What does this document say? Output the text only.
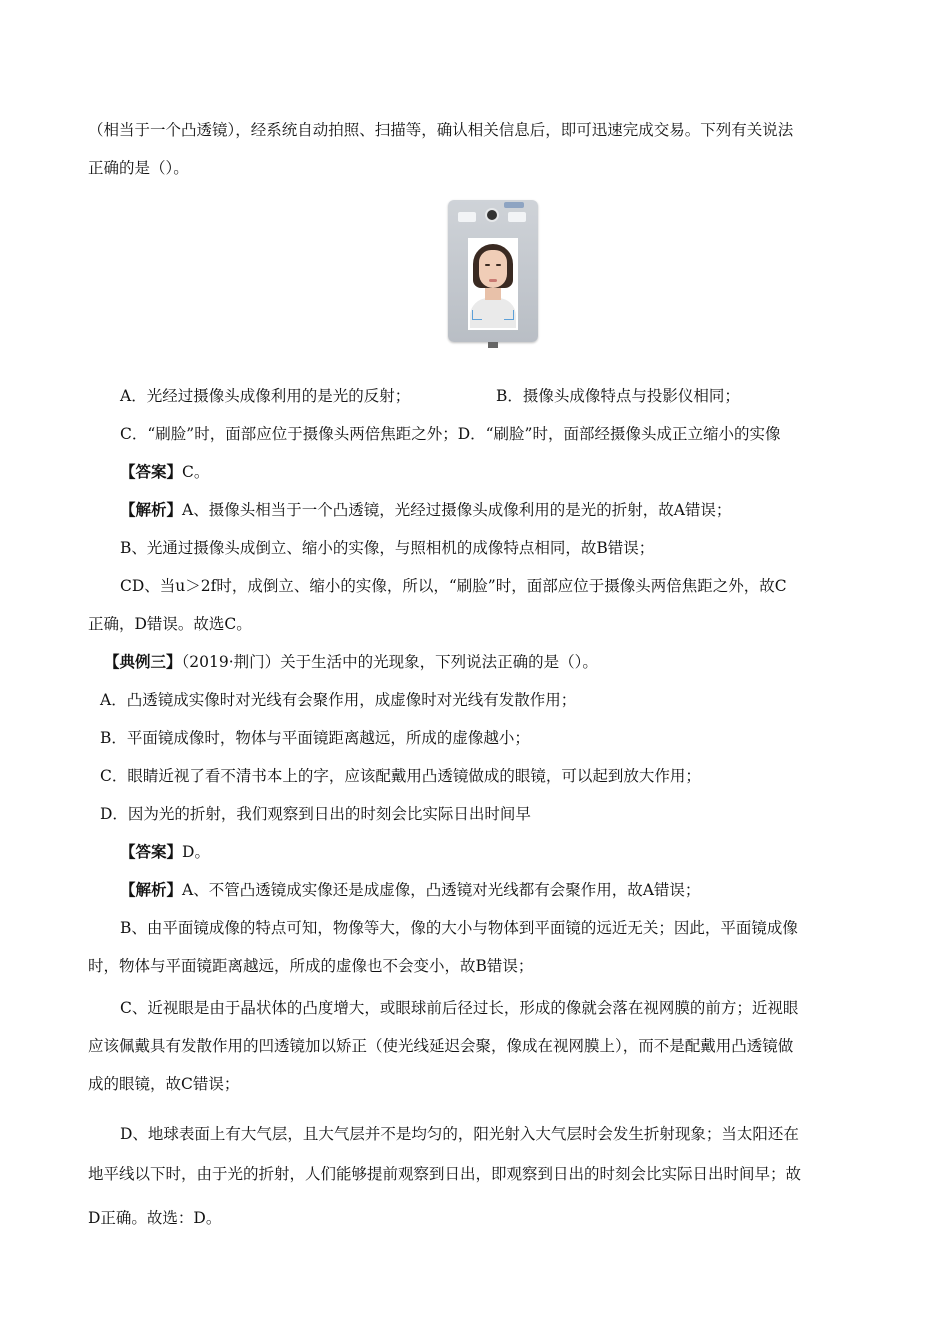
（相当于一个凸透镜），经系统自动拍照、扫描等，确认相关信息后，即可迅速完成交易。下列有关说法
正确的是（）。
A．光经过摄像头成像利用的是光的反射；	B．摄像头成像特点与投影仪相同；
C．“刷脸”时，面部应位于摄像头两倍焦距之外；D．“刷脸”时，面部经摄像头成正立缩小的实像
【答案】C。
【解析】A、摄像头相当于一个凸透镜，光经过摄像头成像利用的是光的折射，故A错误；
B、光通过摄像头成倒立、缩小的实像，与照相机的成像特点相同，故B错误；
CD、当u＞2f时，成倒立、缩小的实像，所以，“刷脸”时，面部应位于摄像头两倍焦距之外，故C
正确，D错误。故选C。
【典例三】（2019·荆门）关于生活中的光现象，下列说法正确的是（）。
A．凸透镜成实像时对光线有会聚作用，成虚像时对光线有发散作用；
B．平面镜成像时，物体与平面镜距离越远，所成的虚像越小；
C．眼睛近视了看不清书本上的字，应该配戴用凸透镜做成的眼镜，可以起到放大作用；
D．因为光的折射，我们观察到日出的时刻会比实际日出时间早
【答案】D。
【解析】A、不管凸透镜成实像还是成虚像，凸透镜对光线都有会聚作用，故A错误；
B、由平面镜成像的特点可知，物像等大，像的大小与物体到平面镜的远近无关；因此，平面镜成像
时，物体与平面镜距离越远，所成的虚像也不会变小，故B错误；
C、近视眼是由于晶状体的凸度增大，或眼球前后径过长，形成的像就会落在视网膜的前方；近视眼
应该佩戴具有发散作用的凹透镜加以矫正（使光线延迟会聚，像成在视网膜上），而不是配戴用凸透镜做
成的眼镜，故C错误；
D、地球表面上有大气层，且大气层并不是均匀的，阳光射入大气层时会发生折射现象；当太阳还在
地平线以下时，由于光的折射，人们能够提前观察到日出，即观察到日出的时刻会比实际日出时间早；故
D正确。故选：D。
